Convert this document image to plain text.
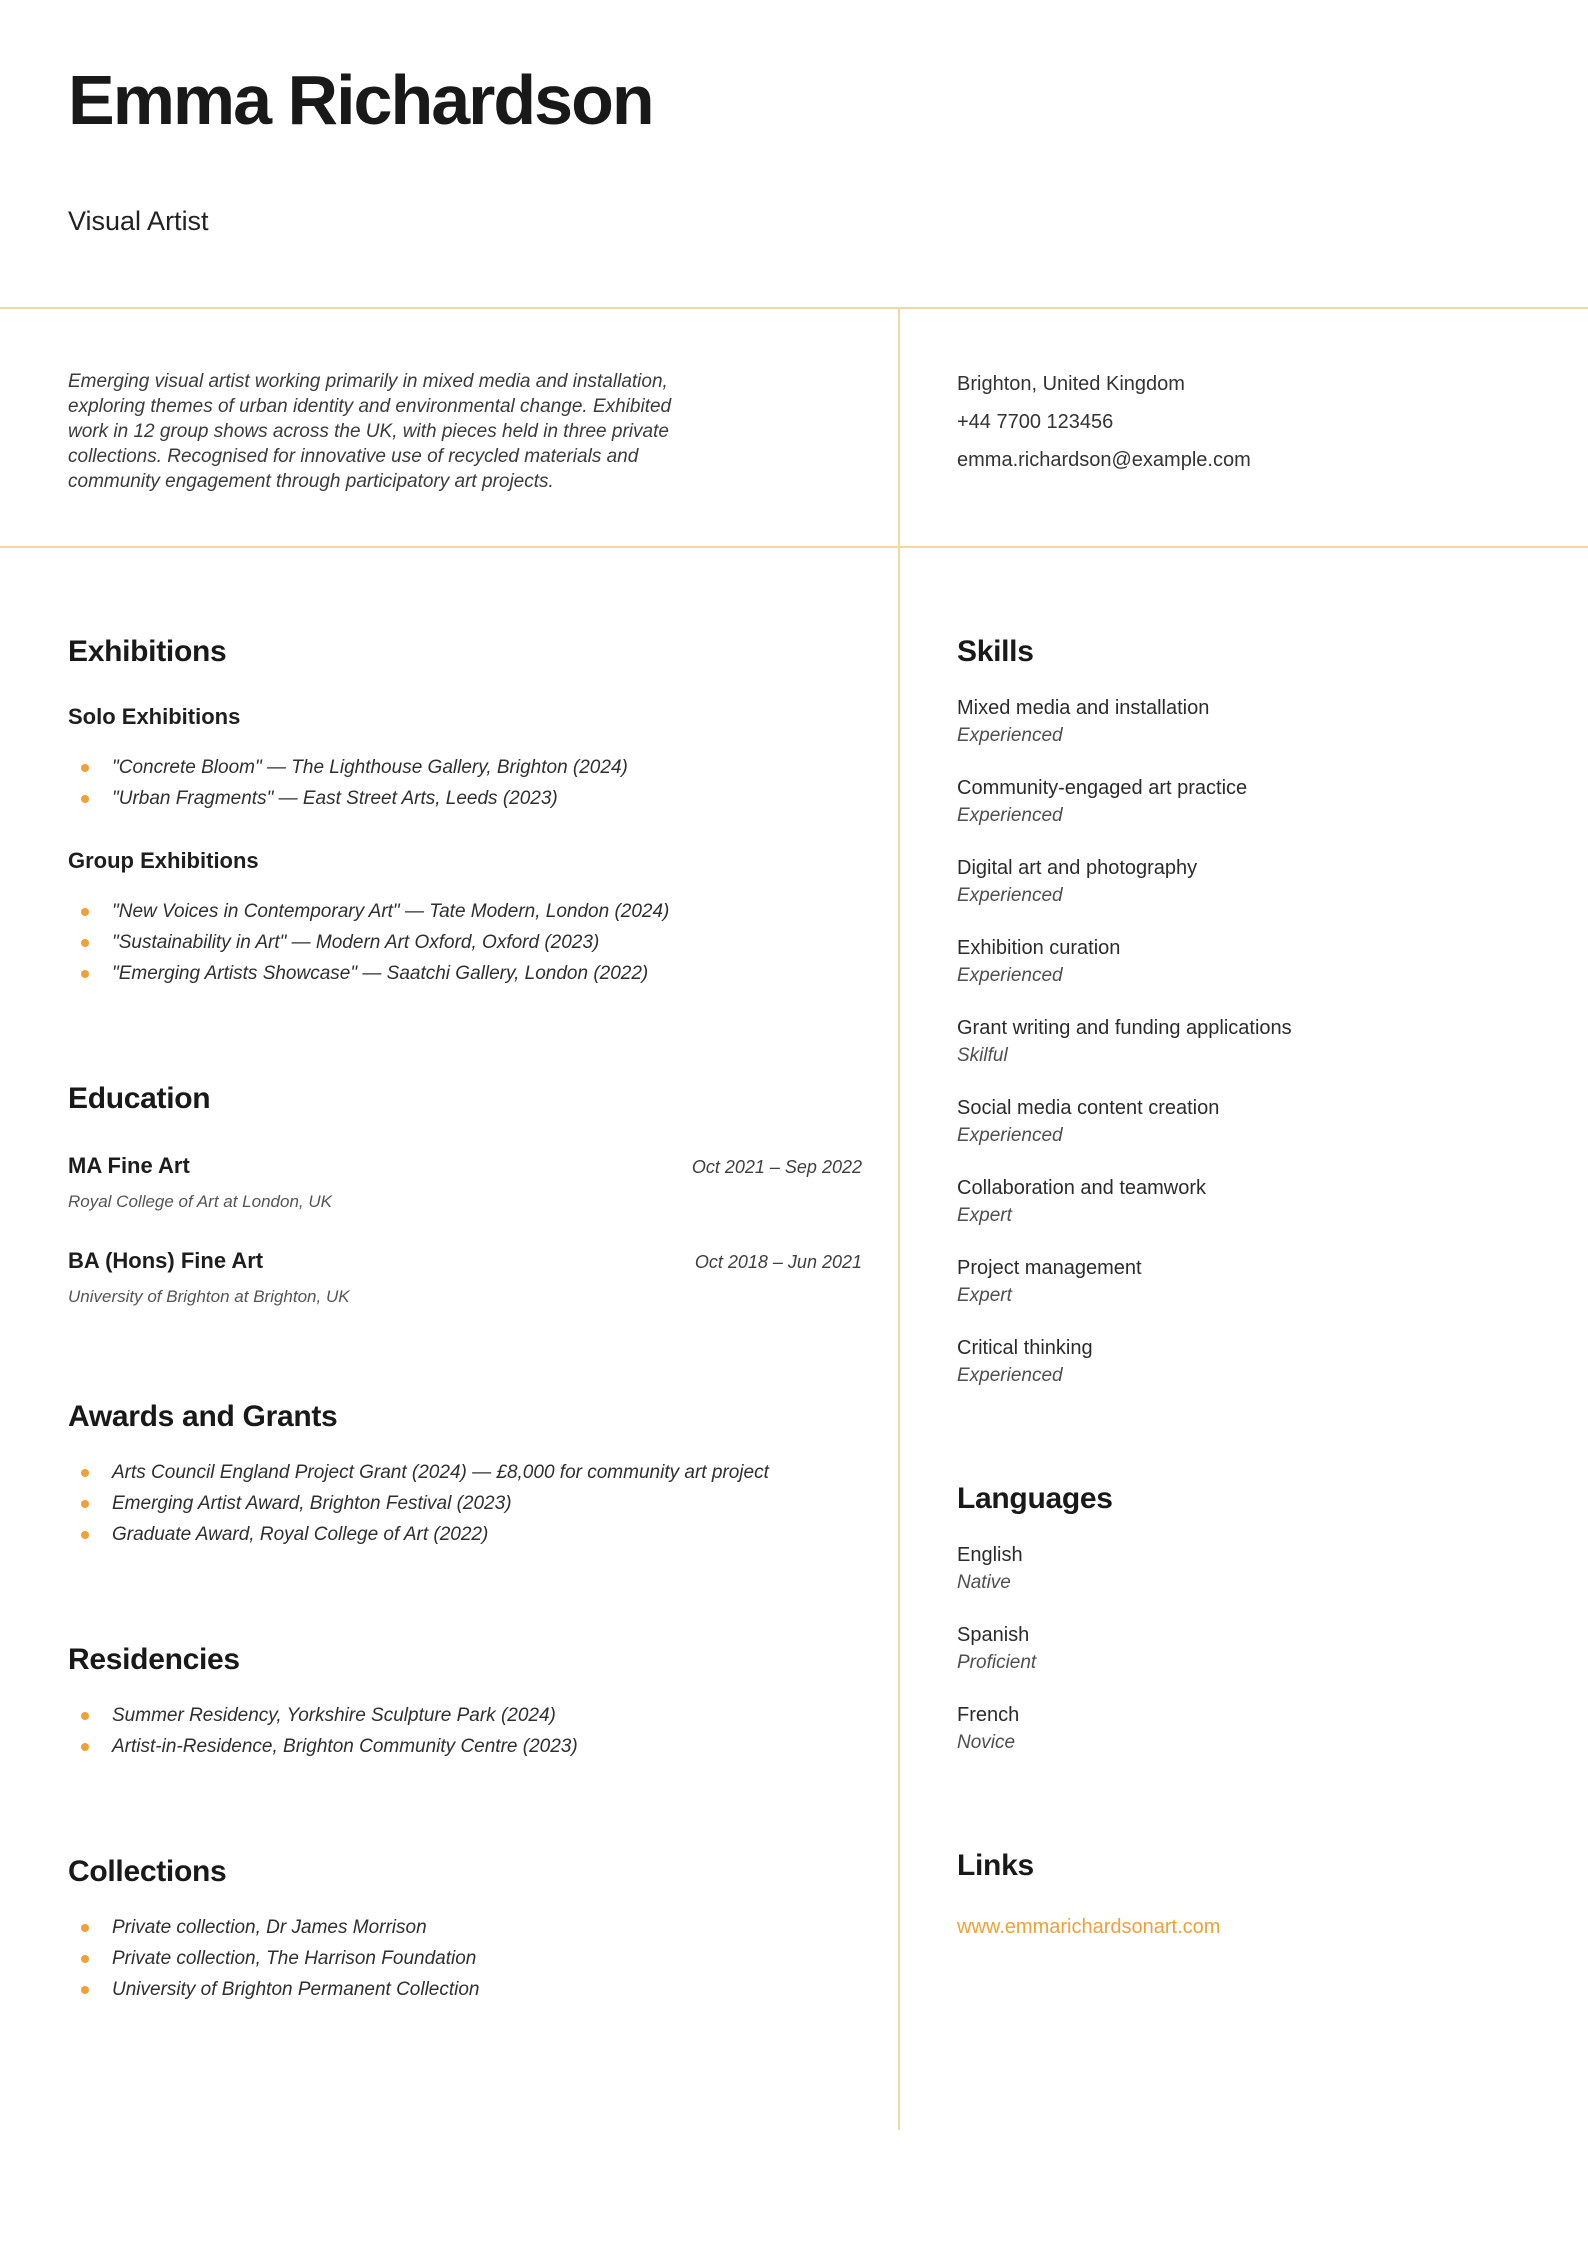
Emma Richardson
Visual Artist

Emerging visual artist working primarily in mixed media and installation, exploring themes of urban identity and environmental change. Exhibited work in 12 group shows across the UK, with pieces held in three private collections. Recognised for innovative use of recycled materials and community engagement through participatory art projects.

Brighton, United Kingdom
+44 7700 123456
emma.richardson@example.com
Exhibitions
Solo Exhibitions
"Concrete Bloom" — The Lighthouse Gallery, Brighton (2024)
"Urban Fragments" — East Street Arts, Leeds (2023)
Group Exhibitions
"New Voices in Contemporary Art" — Tate Modern, London (2024)
"Sustainability in Art" — Modern Art Oxford, Oxford (2023)
"Emerging Artists Showcase" — Saatchi Gallery, London (2022)
Education
MA Fine Art	Oct 2021 – Sep 2022
Royal College of Art at London, UK
BA (Hons) Fine Art	Oct 2018 – Jun 2021
University of Brighton at Brighton, UK
Awards and Grants
Arts Council England Project Grant (2024) — £8,000 for community art project
Emerging Artist Award, Brighton Festival (2023)
Graduate Award, Royal College of Art (2022)
Residencies
Summer Residency, Yorkshire Sculpture Park (2024)
Artist-in-Residence, Brighton Community Centre (2023)
Collections
Private collection, Dr James Morrison
Private collection, The Harrison Foundation
University of Brighton Permanent Collection
Skills
Mixed media and installation
Experienced
Community-engaged art practice
Experienced
Digital art and photography
Experienced
Exhibition curation
Experienced
Grant writing and funding applications
Skilful
Social media content creation
Experienced
Collaboration and teamwork
Expert
Project management
Expert
Critical thinking
Experienced
Languages
English
Native
Spanish
Proficient
French
Novice
Links
www.emmarichardsonart.com
